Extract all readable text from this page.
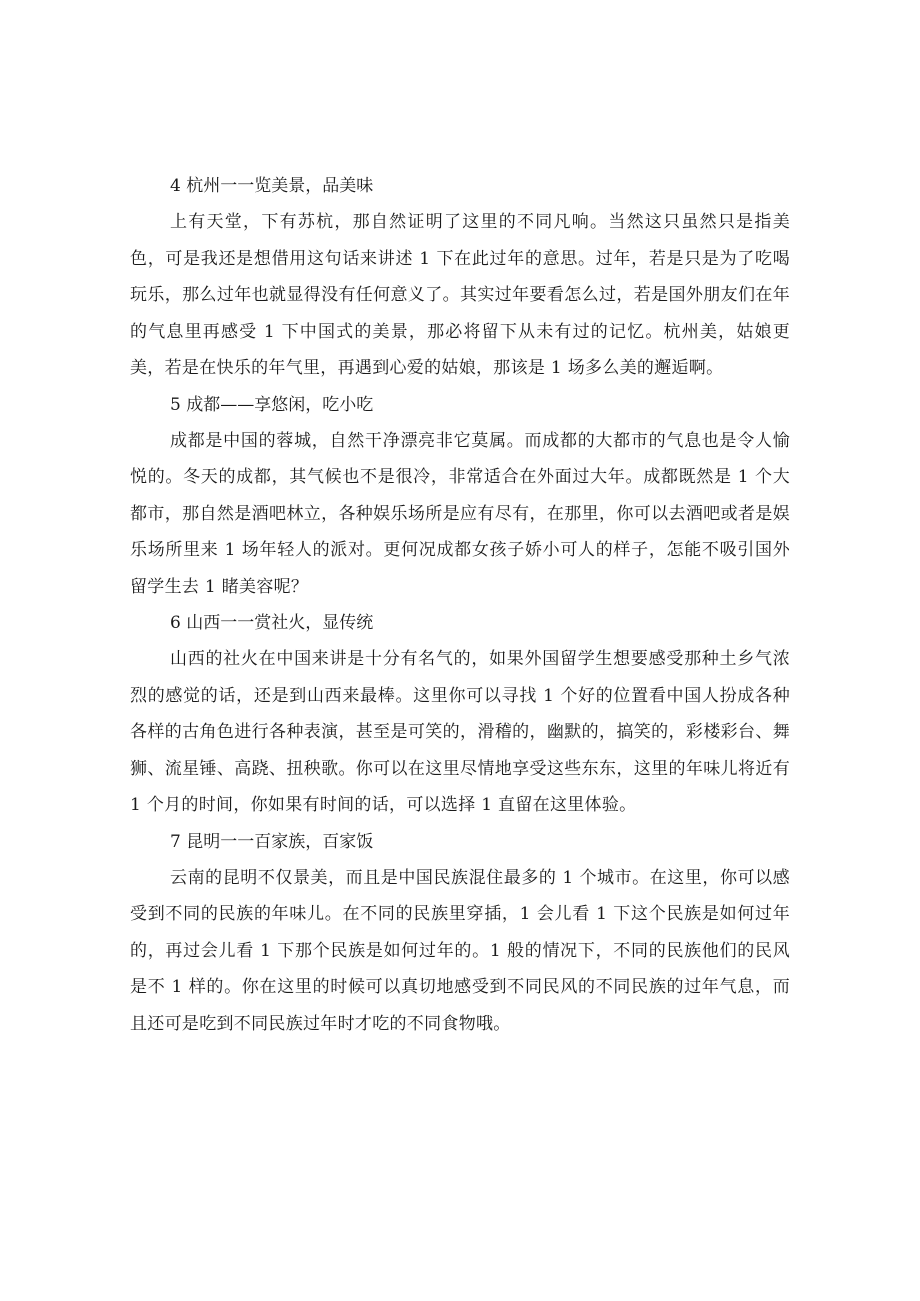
4 杭州一一览美景，品美味

上有天堂，下有苏杭，那自然证明了这里的不同凡响。当然这只虽然只是指美色，可是我还是想借用这句话来讲述 1 下在此过年的意思。过年，若是只是为了吃喝玩乐，那么过年也就显得没有任何意义了。其实过年要看怎么过，若是国外朋友们在年的气息里再感受 1 下中国式的美景，那必将留下从未有过的记忆。杭州美，姑娘更美，若是在快乐的年气里，再遇到心爱的姑娘，那该是 1 场多么美的邂逅啊。

5 成都——享悠闲，吃小吃

成都是中国的蓉城，自然干净漂亮非它莫属。而成都的大都市的气息也是令人愉悦的。冬天的成都，其气候也不是很冷，非常适合在外面过大年。成都既然是 1 个大都市，那自然是酒吧林立，各种娱乐场所是应有尽有，在那里，你可以去酒吧或者是娱乐场所里来 1 场年轻人的派对。更何况成都女孩子娇小可人的样子，怎能不吸引国外留学生去 1 睹美容呢？

6 山西一一赏社火，显传统

山西的社火在中国来讲是十分有名气的，如果外国留学生想要感受那种土乡气浓烈的感觉的话，还是到山西来最棒。这里你可以寻找 1 个好的位置看中国人扮成各种各样的古角色进行各种表演，甚至是可笑的，滑稽的，幽默的，搞笑的，彩楼彩台、舞狮、流星锤、高跷、扭秧歌。你可以在这里尽情地享受这些东东，这里的年味儿将近有 1 个月的时间，你如果有时间的话，可以选择 1 直留在这里体验。

7 昆明一一百家族，百家饭

云南的昆明不仅景美，而且是中国民族混住最多的 1 个城市。在这里，你可以感受到不同的民族的年味儿。在不同的民族里穿插，1 会儿看 1 下这个民族是如何过年的，再过会儿看 1 下那个民族是如何过年的。1 般的情况下，不同的民族他们的民风是不 1 样的。你在这里的时候可以真切地感受到不同民风的不同民族的过年气息，而且还可是吃到不同民族过年时才吃的不同食物哦。
